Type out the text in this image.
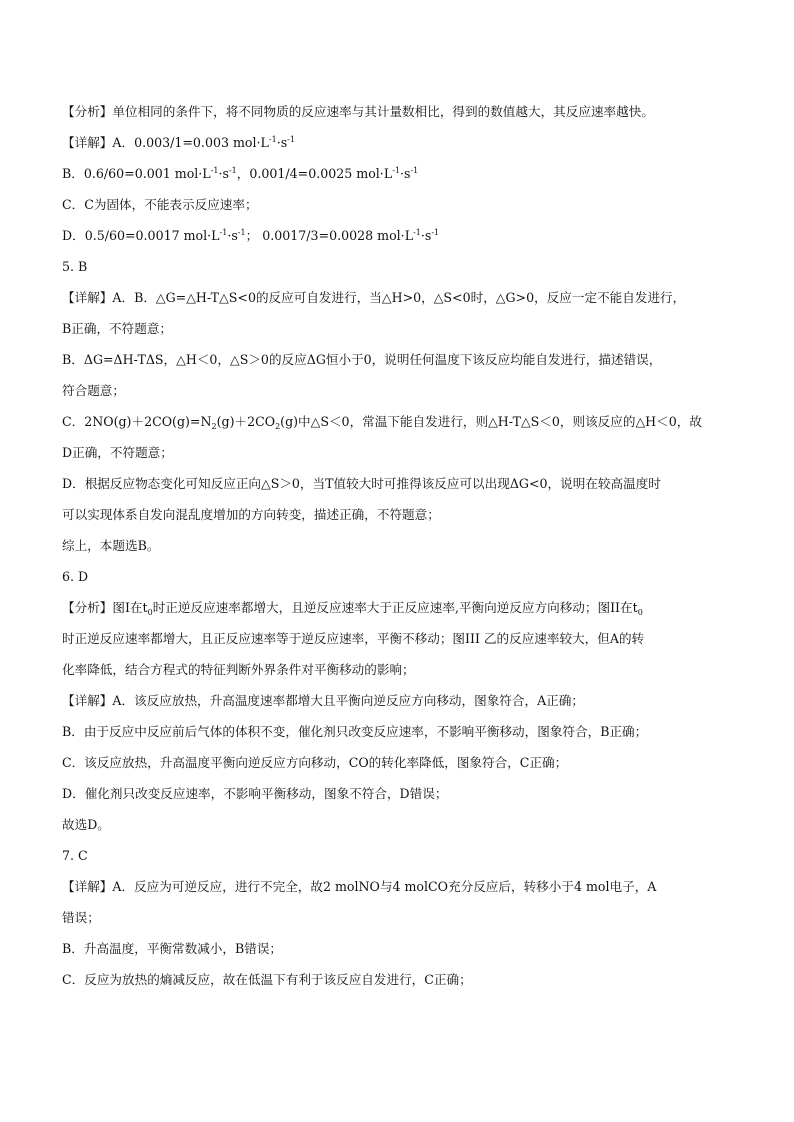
【分析】单位相同的条件下，将不同物质的反应速率与其计量数相比，得到的数值越大，其反应速率越快。
【详解】A．0.003/1=0.003 $mol\cdot L^{-1}\cdot s^{-1}$
B．0.6/60=0.001 $mol\cdot L^{-1}\cdot s^{-1}$，0.001/4=0.0025 $mol\cdot L^{-1}\cdot s^{-1}$
C．C为固体，不能表示反应速率；
D．0.5/60=0.0017 $mol\cdot L^{-1}\cdot s^{-1}$； 0.0017/3=0.0028 $mol\cdot L^{-1}\cdot s^{-1}$
5. B
【详解】A．B．△G=△H-T△S<0的反应可自发进行，当△H>0，△S<0时，△G>0，反应一定不能自发进行，
B正确，不符题意；
B．ΔG=ΔH-TΔS，△H＜0，△S＞0的反应ΔG恒小于0，说明任何温度下该反应均能自发进行，描述错误，
符合题意；
C．$2NO(g)+2CO(g)=N_2(g)+2CO_2(g)$中△S＜0，常温下能自发进行，则△H-T△S＜0，则该反应的△H＜0，故
D正确，不符题意；
D．根据反应物态变化可知反应正向△S＞0，当T值较大时可推得该反应可以出现ΔG<0，说明在较高温度时
可以实现体系自发向混乱度增加的方向转变，描述正确，不符题意；
综上，本题选B。
6. D
【分析】图I在$t_0$时正逆反应速率都增大，且逆反应速率大于正反应速率,平衡向逆反应方向移动；图II在$t_0$
时正逆反应速率都增大，且正反应速率等于逆反应速率，平衡不移动；图III 乙的反应速率较大，但A的转
化率降低，结合方程式的特征判断外界条件对平衡移动的影响；
【详解】A．该反应放热，升高温度速率都增大且平衡向逆反应方向移动，图象符合，A正确；
B．由于反应中反应前后气体的体积不变，催化剂只改变反应速率，不影响平衡移动，图象符合，B正确；
C．该反应放热，升高温度平衡向逆反应方向移动，CO的转化率降低，图象符合，C正确；
D．催化剂只改变反应速率，不影响平衡移动，图象不符合，D错误；
故选D。
7. C
【详解】A．反应为可逆反应，进行不完全，故2 molNO与4 molCO充分反应后，转移小于4 mol电子，A
错误；
B．升高温度，平衡常数减小，B错误；
C．反应为放热的熵减反应，故在低温下有利于该反应自发进行，C正确；
